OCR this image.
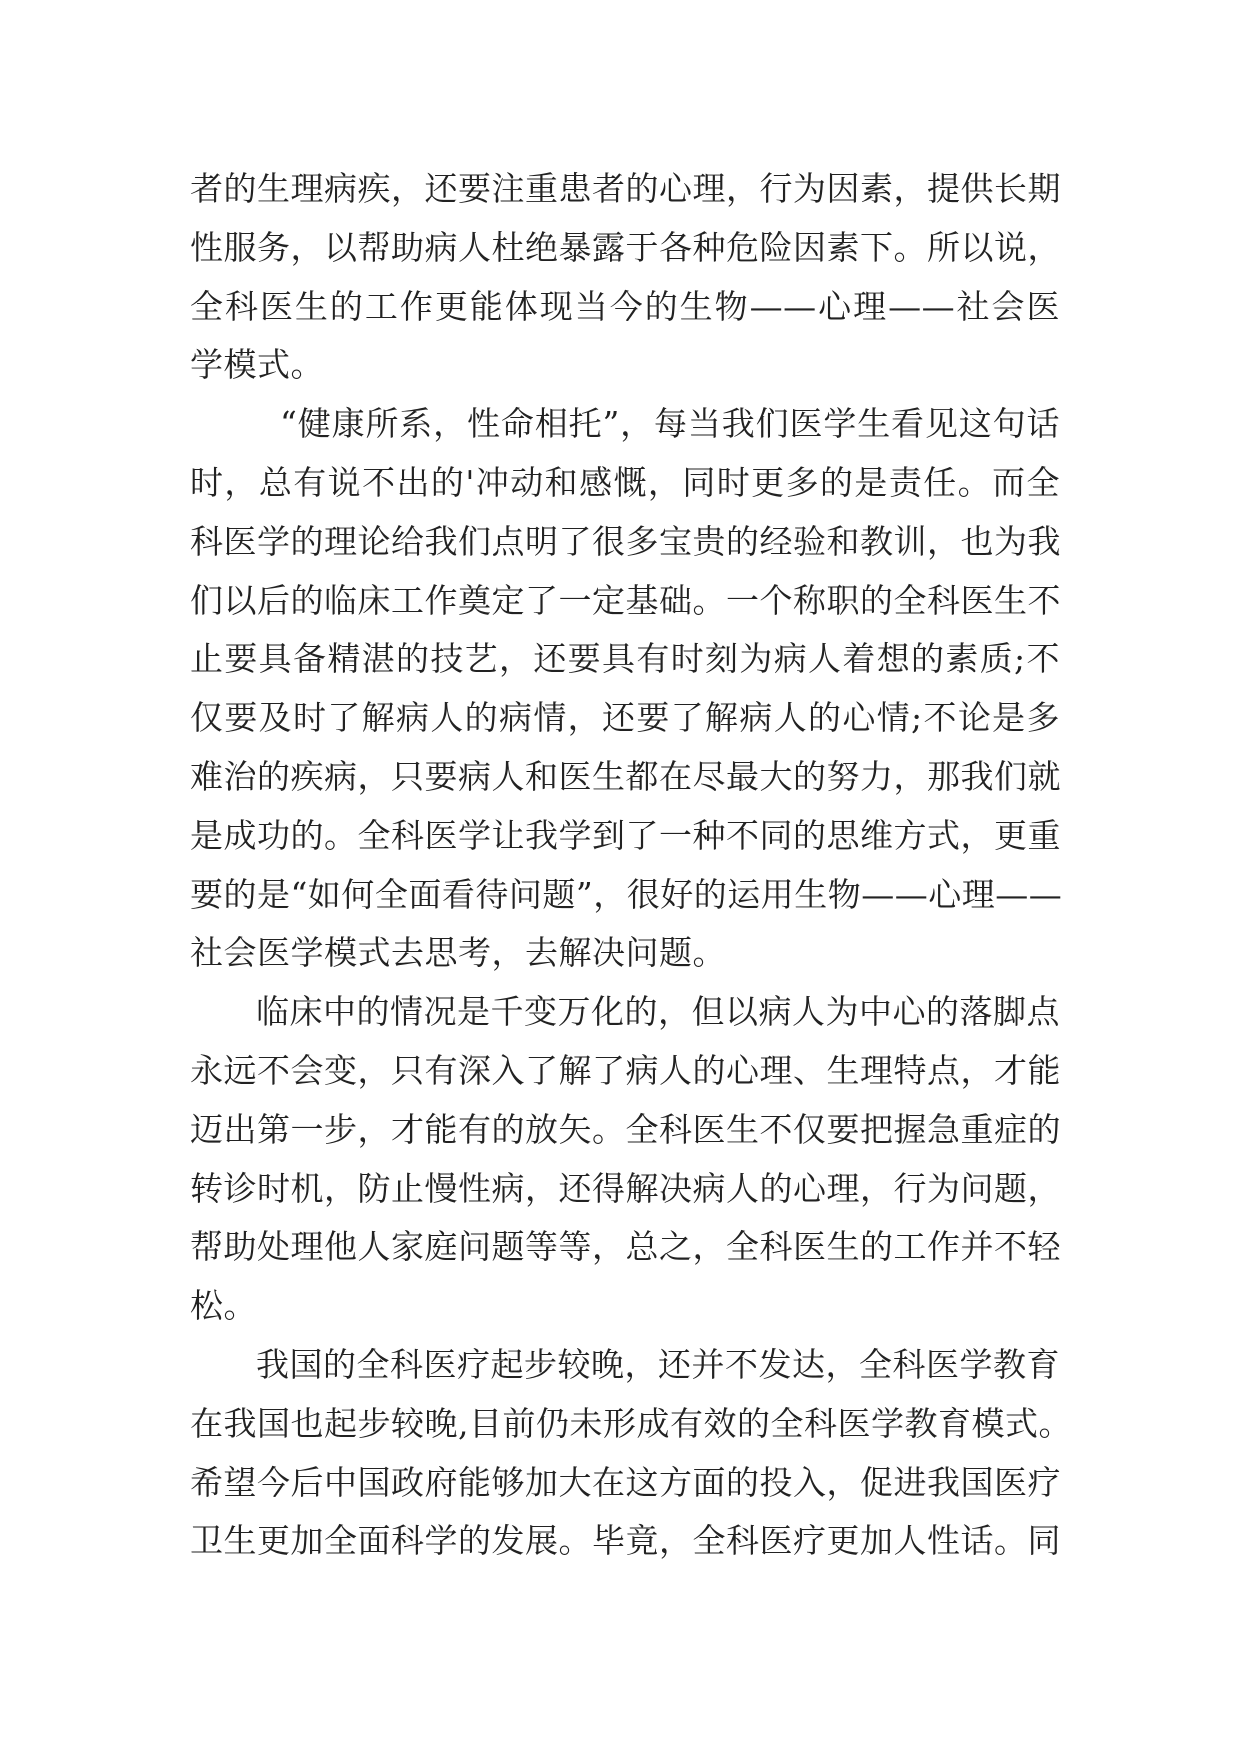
者的生理病疾，还要注重患者的心理，行为因素，提供长期
性服务，以帮助病人杜绝暴露于各种危险因素下。所以说，
全科医生的工作更能体现当今的生物——心理——社会医
学模式。
“健康所系，性命相托”，每当我们医学生看见这句话
时，总有说不出的'冲动和感慨，同时更多的是责任。而全
科医学的理论给我们点明了很多宝贵的经验和教训，也为我
们以后的临床工作奠定了一定基础。一个称职的全科医生不
止要具备精湛的技艺，还要具有时刻为病人着想的素质;不
仅要及时了解病人的病情，还要了解病人的心情;不论是多
难治的疾病，只要病人和医生都在尽最大的努力，那我们就
是成功的。全科医学让我学到了一种不同的思维方式，更重
要的是“如何全面看待问题”，很好的运用生物——心理——
社会医学模式去思考，去解决问题。
临床中的情况是千变万化的，但以病人为中心的落脚点
永远不会变，只有深入了解了病人的心理、生理特点，才能
迈出第一步，才能有的放矢。全科医生不仅要把握急重症的
转诊时机，防止慢性病，还得解决病人的心理，行为问题，
帮助处理他人家庭问题等等，总之，全科医生的工作并不轻
松。
我国的全科医疗起步较晚，还并不发达，全科医学教育
在我国也起步较晚,目前仍未形成有效的全科医学教育模式。
希望今后中国政府能够加大在这方面的投入，促进我国医疗
卫生更加全面科学的发展。毕竟，全科医疗更加人性话。同
